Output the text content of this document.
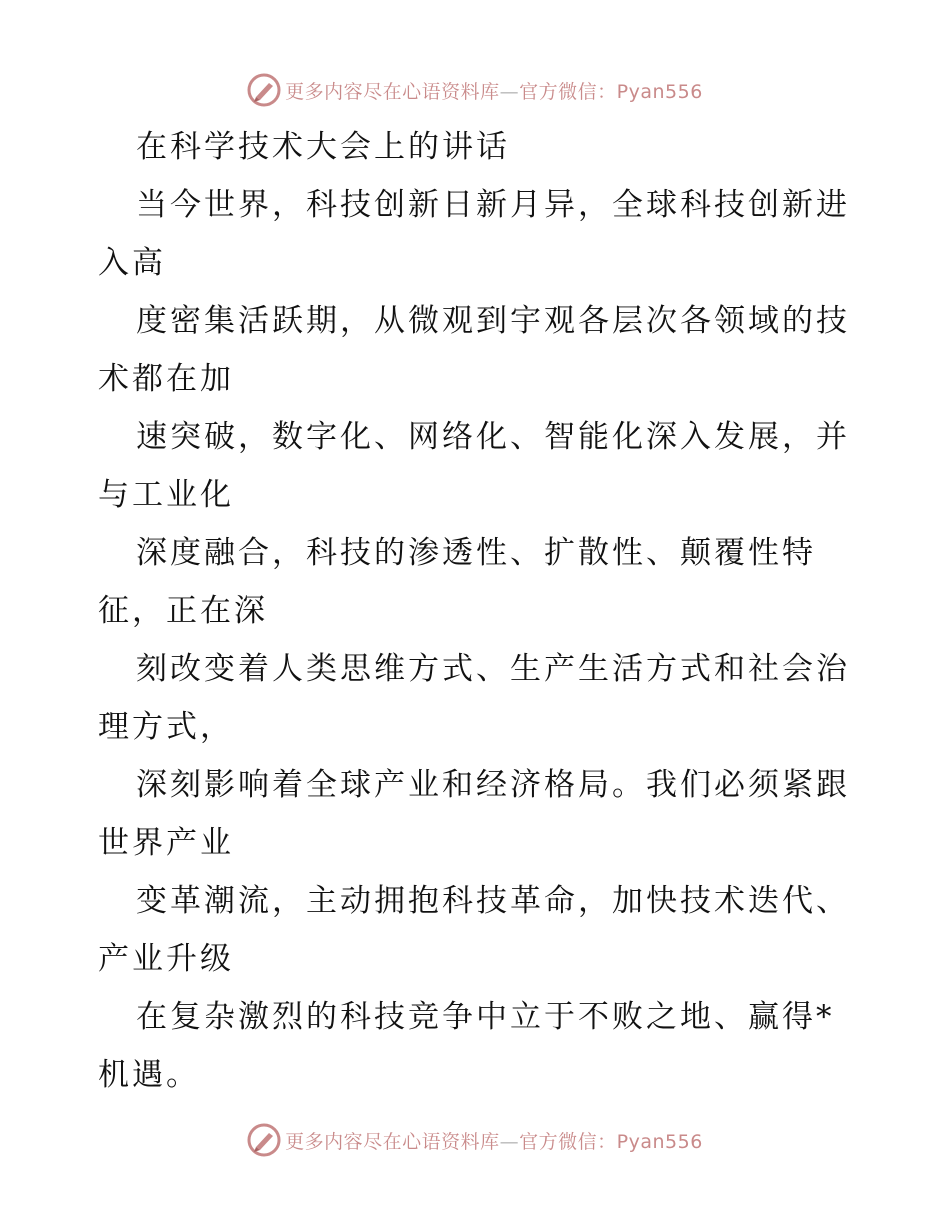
更多内容尽在心语资料库—官方微信：Pyan556
在科学技术大会上的讲话
当今世界，科技创新日新月异，全球科技创新进
入高
度密集活跃期，从微观到宇观各层次各领域的技
术都在加
速突破，数字化、网络化、智能化深入发展，并
与工业化
深度融合，科技的渗透性、扩散性、颠覆性特
征，正在深
刻改变着人类思维方式、生产生活方式和社会治
理方式，
深刻影响着全球产业和经济格局。我们必须紧跟
世界产业
变革潮流，主动拥抱科技革命，加快技术迭代、
产业升级
在复杂激烈的科技竞争中立于不败之地、赢得*
机遇。
更多内容尽在心语资料库—官方微信：Pyan556
